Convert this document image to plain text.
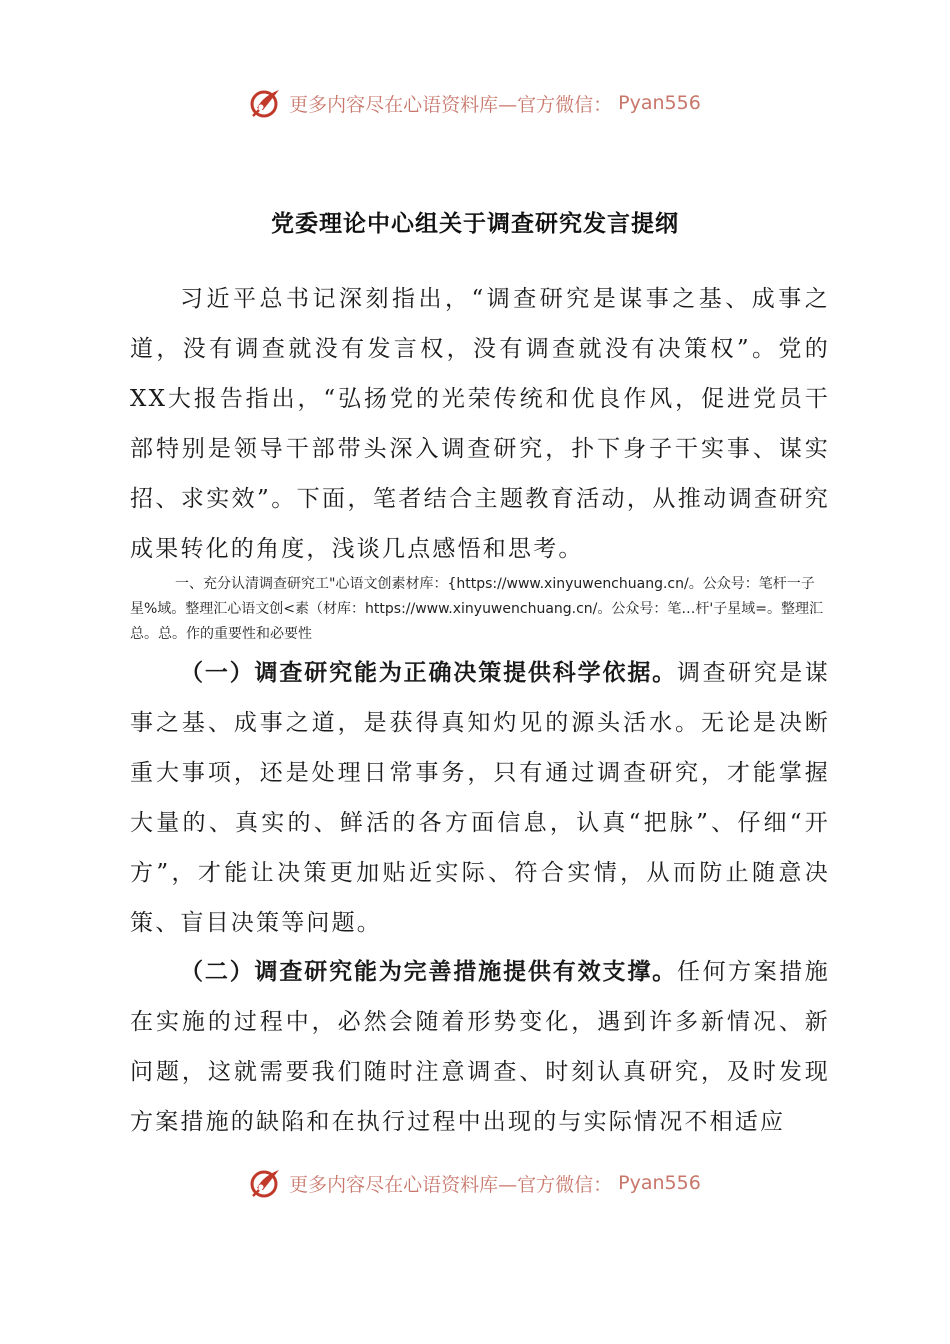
更多内容尽在心语资料库—官方微信： Pyan556
党委理论中心组关于调查研究发言提纲

习近平总书记深刻指出，“调查研究是谋事之基、成事之道，没有调查就没有发言权，没有调查就没有决策权”。党的XX大报告指出，“弘扬党的光荣传统和优良作风，促进党员干部特别是领导干部带头深入调查研究，扑下身子干实事、谋实招、求实效”。下面，笔者结合主题教育活动，从推动调查研究成果转化的角度，浅谈几点感悟和思考。

一、充分认清调查研究工"心语文创素材库：{https://www.xinyuwenchuang.cn/。公众号：笔杆一子星%域。整理汇心语文创<素（材库：https://www.xinyuwenchuang.cn/。公众号：笔…杆'子星域=。整理汇总。总。作的重要性和必要性

（一）调查研究能为正确决策提供科学依据。调查研究是谋事之基、成事之道，是获得真知灼见的源头活水。无论是决断重大事项，还是处理日常事务，只有通过调查研究，才能掌握大量的、真实的、鲜活的各方面信息，认真“把脉”、仔细“开方”，才能让决策更加贴近实际、符合实情，从而防止随意决策、盲目决策等问题。

（二）调查研究能为完善措施提供有效支撑。任何方案措施在实施的过程中，必然会随着形势变化，遇到许多新情况、新问题，这就需要我们随时注意调查、时刻认真研究，及时发现方案措施的缺陷和在执行过程中出现的与实际情况不相适应

更多内容尽在心语资料库—官方微信： Pyan556
